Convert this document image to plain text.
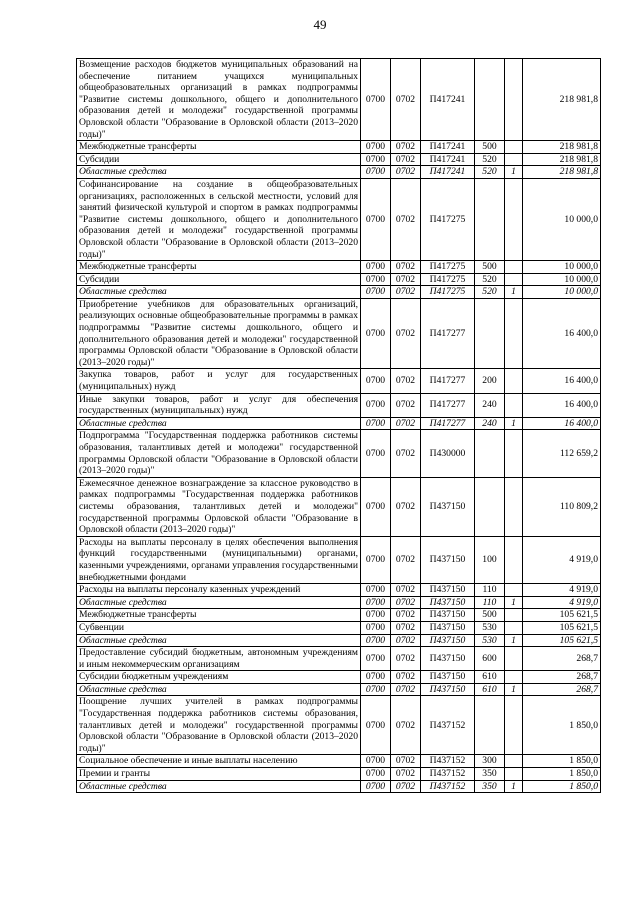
49
Возмещение расходов бюджетов муниципальных образований на обеспечение питанием учащихся муниципальных общеобразовательных организаций в рамках подпрограммы "Развитие системы дошкольного, общего и дополнительного образования детей и молодежи" государственной программы Орловской области "Образование в Орловской области (2013–2020 годы)"	0700	0702	П417241			218 981,8
Межбюджетные трансферты	0700	0702	П417241	500		218 981,8
Субсидии	0700	0702	П417241	520		218 981,8
Областные средства	0700	0702	П417241	520	1	218 981,8
Софинансирование на создание в общеобразовательных организациях, расположенных в сельской местности, условий для занятий физической культурой и спортом в рамках подпрограммы "Развитие системы дошкольного, общего и дополнительного образования детей и молодежи" государственной программы Орловской области "Образование в Орловской области (2013–2020 годы)"	0700	0702	П417275			10 000,0
Межбюджетные трансферты	0700	0702	П417275	500		10 000,0
Субсидии	0700	0702	П417275	520		10 000,0
Областные средства	0700	0702	П417275	520	1	10 000,0
Приобретение учебников для образовательных организаций, реализующих основные общеобразовательные программы в рамках подпрограммы "Развитие системы дошкольного, общего и дополнительного образования детей и молодежи" государственной программы Орловской области "Образование в Орловской области (2013–2020 годы)"	0700	0702	П417277			16 400,0
Закупка товаров, работ и услуг для государственных (муниципальных) нужд	0700	0702	П417277	200		16 400,0
Иные закупки товаров, работ и услуг для обеспечения государственных (муниципальных) нужд	0700	0702	П417277	240		16 400,0
Областные средства	0700	0702	П417277	240	1	16 400,0
Подпрограмма "Государственная поддержка работников системы образования, талантливых детей и молодежи" государственной программы Орловской области "Образование в Орловской области (2013–2020 годы)"	0700	0702	П430000			112 659,2
Ежемесячное денежное вознаграждение за классное руководство в рамках подпрограммы "Государственная поддержка работников системы образования, талантливых детей и молодежи" государственной программы Орловской области "Образование в Орловской области (2013–2020 годы)"	0700	0702	П437150			110 809,2
Расходы на выплаты персоналу в целях обеспечения выполнения функций государственными (муниципальными) органами, казенными учреждениями, органами управления государственными внебюджетными фондами	0700	0702	П437150	100		4 919,0
Расходы на выплаты персоналу казенных учреждений	0700	0702	П437150	110		4 919,0
Областные средства	0700	0702	П437150	110	1	4 919,0
Межбюджетные трансферты	0700	0702	П437150	500		105 621,5
Субвенции	0700	0702	П437150	530		105 621,5
Областные средства	0700	0702	П437150	530	1	105 621,5
Предоставление субсидий бюджетным, автономным учреждениям и иным некоммерческим организациям	0700	0702	П437150	600		268,7
Субсидии бюджетным учреждениям	0700	0702	П437150	610		268,7
Областные средства	0700	0702	П437150	610	1	268,7
Поощрение лучших учителей в рамках подпрограммы "Государственная поддержка работников системы образования, талантливых детей и молодежи" государственной программы Орловской области "Образование в Орловской области (2013–2020 годы)"	0700	0702	П437152			1 850,0
Социальное обеспечение и иные выплаты населению	0700	0702	П437152	300		1 850,0
Премии и гранты	0700	0702	П437152	350		1 850,0
Областные средства	0700	0702	П437152	350	1	1 850,0
